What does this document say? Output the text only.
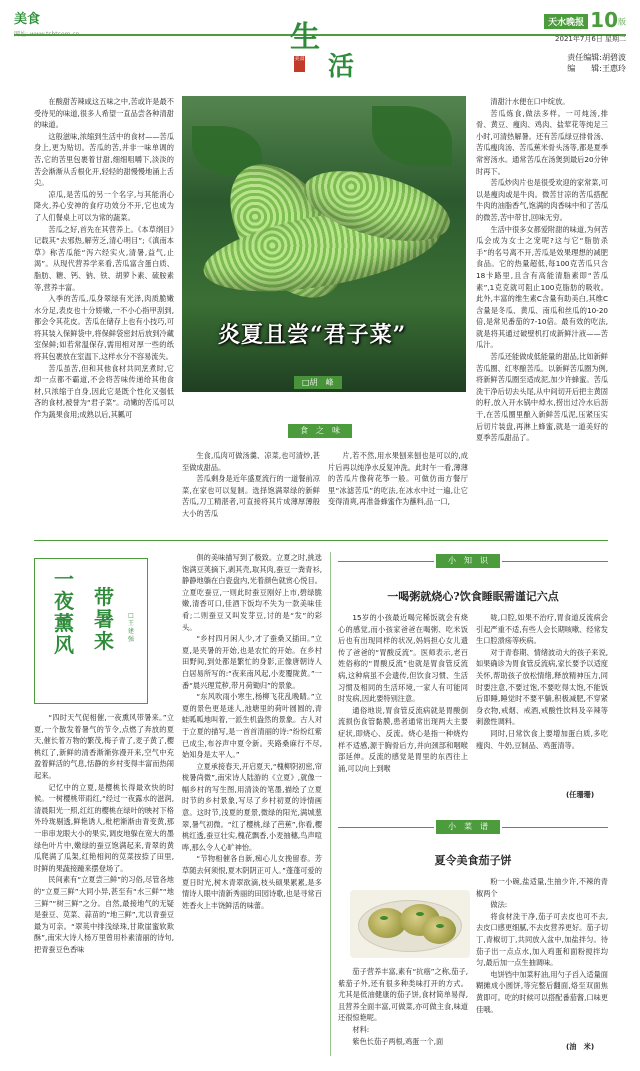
美食
生
美食 活
天水晚报 10版
2021年7月6日 星期二
责任编辑:胡碧波
编　　辑:王惠玲

在酸甜苦辣咸这五味之中,苦或许是最不受待见的味道,很多人希望一直品尝各种清甜的味道。

这般滋味,浓缩到生活中的食材——苦瓜身上,更为贴切。苦瓜的苦,并非一味单调的苦,它的苦里包裹着甘甜,细细咀嚼下,淡淡的苦会渐渐从舌根化开,轻轻的甜慢慢地涌上舌尖。

凉瓜,是苦瓜的另一个名字,与其能消心降火,养心安神的食疗功效分不开,它也成为了人们餐桌上可以为常的蔬菜。

苦瓜之好,首先在其营养上。《本草纲目》记载其“去邪热,解劳乏,清心明目”;《滇南本草》称苦瓜能“泻六经实火,清暑,益气,止渴”。从现代营养学来看,苦瓜富含蛋白质、脂肪、糖、钙、钠、铁、胡萝卜素、硫胺素等,营养丰富。

入季的苦瓜,瓜身翠绿有光泽,肉质脆嫩水分足,表皮也十分娇嫩,一不小心指甲刮到,都会令其花皮。苦瓜在储存上也有小技巧,可将其装入保鲜袋中,将保鲜袋密封后放到冷藏室保鲜;如若常温保存,需用相对厚一些的纸将其包裹放在室温下,这样水分不容易流失。

苦瓜虽苦,但和其他食材共同烹煮时,它却一点都不霸道,不会将苦味传递给其他食材,只浓缩于自身,因此它是既个性化又强低吝的食材,被誉为“君子菜”。动嫩的苦瓜可以作为蔬果食用;成熟以后,其瓤可

炎夏且尝“君子菜”
□胡　峰

清甜汁水便在口中绽放。

苦瓜炼食,做法多样。一可炖汤,排骨、黄豆、瘦肉、鸡肉、盐荤花等纯足三小时,可清热解暑。还有苦瓜绿豆排骨汤、苦瓜瘦肉汤、苦瓜蕉米骨头汤等,都是夏季常窖汤水。通常苦瓜在汤煲到最后20分钟时再下。

苦瓜炒肉片也是很受欢迎的家常菜,可以是瘦肉或是牛肉。微苦甘凉的苦瓜搭配牛肉的油脂香气,饱满的肉香味中和了苦瓜的微苦,苦中带甘,回味无穷。

生活中很多女都爱附甜的味道,为何苦瓜会成为女士之宠呢?这与它“脂肪杀手”的名号离不开,苦瓜是效果理想的减肥食品。它的热量超低,每100克苦瓜只含18卡路里,且含有高能清脂素即“苦瓜素”,1克克就可阻止100克脂肪的吸收。此外,丰富的维生素C含量有助美白,其维C含量是冬瓜、黄瓜、南瓜和丝瓜的10-20倍,是常见番茄的7-10倍。最有效的吃法,就是将其通过破壁机打成新鲜汁液——苦瓜汁。

苦瓜还能做成低能量的甜品,比如新鲜苦瓜圈、红枣酿苦瓜。以新鲜苦瓜圈为例,将新鲜苦瓜圈至适成泥,加少许蜂蜜。苦瓜洗干净后切去头尾,从中间切开后把主黄固的籽,放入开水锅中焯水,捞出过冷水后沥干,在苦瓜圈里酿入新鲜苦瓜泥,压紧压实后切片装盘,再淋上蜂蜜,就是一道美好的夏季苦瓜甜品了。

食　之　味

生食,瓜肉可做汤羹、凉菜,也可清炒,甚至做成甜品。

苦瓜剩身是近年盛夏流行的一道餐前凉菜,在家也可以复制。选择饱满翠绿的新鲜苦瓜,刀工精湛者,可直接将其片成薄厚薄般大小的苦瓜

片,若不然,用水果刨来刨也是可以的,成片后再以纯净水反复冲洗。此时午一看,薄薄的苦瓜片像荷花筝一般。可做仿南方餐厅里“冰滤苦瓜”的吃法,在冰水中过一遍,让它变得清爽,再准备蜂蜜作为蘸料,品一口,

一夜薰风
带暑来
□王建强

“四时天气促相催,一夜熏风带暑来。”立夏,一个散发着暑气的节令,点燃了奔放的夏天,催长着万物的繁茂,梅子青了,麦子黄了,樱桃红了,新鲜的清香渐渐弥漫开来,空气中充盈着鲜活的气息,恬静的乡村变得丰富而热闹起来。

记忆中的立夏,是樱桃长得最欢快的时候。一树樱桃带雨红,“经过一夜露水的滋润,清晨阳光一照,红红的樱桃在绿叶的映衬下格外玲珑剔透,鲜艳诱人,枇杷渐渐由青变黄,那一串串龙眼大小的果实,调皮地躲在宽大的墨绿色叶片中,嫩绿的蚕豆饱满起来,青翠的黄瓜爬满了瓜架,红艳相间的苋菜按捺了田里,时鲜的果蔬接踵来摆登场了。

民间素有“立夏尝三鲜”的习俗,尽管各地的“立夏三鲜”大同小异,甚至有“水三鲜”“地三鲜”“树三鲜”之分。自然,最接地气的无疑是蚕豆、苋菜、蒜苗的“地三鲜”,尤以青蚕豆最为可亲。“翠英中排浅绿珠,甘欺崖蜜软欺酥”,南宋大诗人杨万里曾用朴素清丽的诗句,把青蚕豆色香味

俱的美味描写到了极致。立夏之时,挑选饱满豆荚摘下,剥其壳,取其肉,蚕豆一粪青衫,静静地躺在白瓷盘内,光着颜色就赏心悦目。立夏吃蚕豆,一则此时蚕豆刚好上市,碧绿脆嫩,清香可口,佳酒下饭均不失为一款美味佳肴;二则蚕豆又叫发芽豆,讨的是“发”的彩头。

“乡村四月闲人少,才了蚕桑又插田。”立夏,是夹暑的开始,也是农忙的开始。在乡村田野间,到处都是繁忙的身影,正像唐朝诗人白居易所写的:“夜来南风起,小麦覆陇黄。”一番“晨兴理荒秽,带月荷锄归”的景象。

“东风吹雨小寒生,杨柳飞花乱晚睛。”立夏的景色更是迷人,池塘里的荷叶圆圆的,青蛙呱呱地叫着,一派生机盎然的景象。古人对于立夏的描写,是一首首清丽的诗:“纷纷红紫已成尘,布谷声中夏令新。夹路桑麻行不尽,始知身是太平人。”

立夏承接春天,开启夏天,“槐柳阴初密,帘栊暑尚微”,南宋诗人陆游的《立夏》,就像一幅乡村的写生图,用清淡的笔墨,描绘了立夏时节的乡村景象,写尽了乡村初夏的诗情画意。这时节,浅夏的夏景,微绿的阳光,满城葱翠,暑气初微。“红了樱桃,绿了芭蕉”,你看,樱桃红透,蚕豆壮实,槐花飘香,小麦抽穗,鸟声喧哗,那么令人心旷神怡。

“节物相催各自新,痴心儿女挽留春。芳草随去何须恨,夏木阴阴正可人。”蓬蓬可爱的夏日时光,树木青翠欲滴,枝头硕果累累,是多情诗人眼中清新秀丽的田园诗歌,也是寻常百姓香火上丰饶鲜活的味蕾。

小　知　识
一喝粥就烧心?饮食睡眠需谨记六点

15岁的小孩最近喝完稀饭就会有烧心的感觉,而小孩家爸爸在喝粥、吃米饭后也有出现同样的状况,妈妈担心女儿遗传了爸爸的“胃酸反流”。医师表示,老百姓俗称的“胃酸反流”也就是胃食管反流病,这种病虽不会遗传,但饮食习惯、生活习惯及相同的生活环境,一家人有可能同时发病,因此要特别注意。

通俗地说,胃食管反流病就是胃酸倒流损伤食管黏膜,患者通常出现两大主要症状,即烧心、反流。烧心是指一种烧灼样不适感,源于胸骨后方,并向颈部和咽喉部延伸。反流的感觉是胃里的东西往上涌,可以向上到喉

咙,口腔,如果不治疗,胃食道反流病会引起严重不适,有些人会长期咳嗽、经常发生口腔溃疡等疾病。

对于青春期、情绪波动大的孩子来说,如果确诊为胃食管反流病,家长要予以适度关怀,帮助孩子放松情绪,释放精神压力,同时要注意,不要过饱,不要吃得太饱,不能饭后即睡,睡觉时不要平躺,积极减肥,不穿紧身衣物,戒烟、戒酒,戒酸性饮料及辛辣等刺激性调料。

同时,日常饮食上要增加蛋白质,多吃瘦肉、牛奶,豆制品、鸡蛋清等。

(任珊珊)
小　菜　谱
夏令美食茄子饼

茄子营养丰富,素有“抗癌”之称,茄子,紫茄子外,还有很多种类味打开的方式。尤其是低油健康的茄子饼,食材简单易得,且营养全面丰富,可做菜,亦可做主食,味道还很惊艳呢。

材料:

紫色长茄子两根,鸡蛋一个,面

粉一小碗,盐适量,生抽少许,不辣的青椒两个

做法:

将食材洗干净,茄子可去皮也可不去,去皮口感更细腻,不去皮营养更好。茄子切丁,青椒切丁,共同放入盆中,加盐拌匀。待茄子出一点点水,加入鸡蛋和面粉搅拌均匀,最后加一点生抽调味。

电饼铛中加菜籽油,用勺子舀入适量面糊摊成小圆饼,等完整后翻面,烙至双面焦黄即可。吃的时候可以搭配番茄酱,口味更佳哦。

(油　米)
